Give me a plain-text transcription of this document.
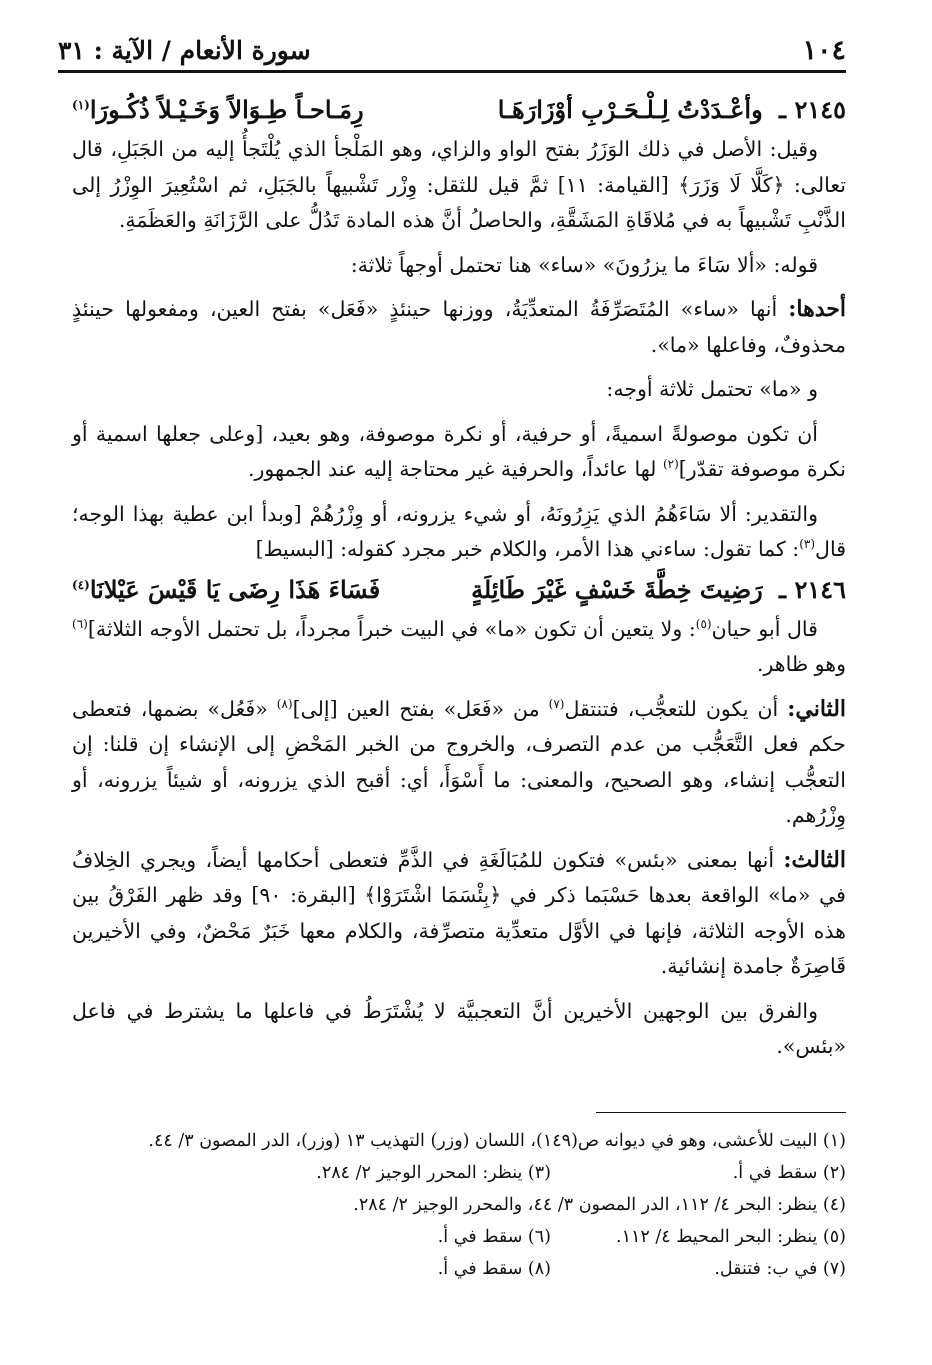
١٠٤
سورة الأنعام / الآية : ٣١
٢١٤٥ ـ وأعْـدَدْتُ لِـلْـحَـرْبِ أوْزَارَهَـا
رِمَـاحـاً طِـوَالاً وَخَـيْـلاً ذُكُـورَا$^{(١)}$

وقيل: الأصل في ذلك الوَزَرُ بفتح الواو والزاي، وهو المَلْجأ الذي يُلْتَجأُ إليه من الجَبَلِ، قال تعالى: ﴿كَلَّا لَا وَزَرَ﴾ [القيامة: ١١] ثمَّ قيل للثقل: وِزْر تَشْبيهاً بالجَبَلِ، ثم اسْتُعِيرَ الوِزْرُ إلى الذَّنْبِ تَشْبيهاً به في مُلاقَاةِ المَشَقَّةِ، والحاصلُ أنَّ هذه المادة تَدُلُّ على الرَّزَانَةِ والعَظَمَةِ.

قوله: «ألا سَاءَ ما يزرُونَ» «ساء» هنا تحتمل أوجهاً ثلاثة:

أحدها: أنها «ساء» المُتَصَرِّفَةُ المتعدِّيَةُ، ووزنها حينئذٍ «فَعَل» بفتح العين، ومفعولها حينئذٍ محذوفٌ، وفاعلها «ما».

و «ما» تحتمل ثلاثة أوجه:

أن تكون موصولةً اسميةً، أو حرفية، أو نكرة موصوفة، وهو بعيد، [وعلى جعلها اسمية أو نكرة موصوفة تقدّر]$^{(٢)}$ لها عائداً، والحرفية غير محتاجة إليه عند الجمهور.

والتقدير: ألا سَاءَهُمُ الذي يَزِرُونَهُ، أو شيء يزرونه، أو وِزْرُهُمْ [وبدأ ابن عطية بهذا الوجه؛ قال$^{(٣)}$: كما تقول: ساءني هذا الأمر، والكلام خبر مجرد كقوله: [البسيط]

٢١٤٦ ـ رَضِيتَ خِطَّةَ خَسْفٍ غَيْرَ طَائِلَةٍ
فَسَاءَ هَذَا رِضَى يَا قَيْسَ عَيْلانَا$^{(٤)}$

قال أبو حيان$^{(٥)}$: ولا يتعين أن تكون «ما» في البيت خبراً مجرداً، بل تحتمل الأوجه الثلاثة]$^{(٦)}$ وهو ظاهر.

الثاني: أن يكون للتعجُّب، فتنتقل$^{(٧)}$ من «فَعَل» بفتح العين [إلى]$^{(٨)}$ «فَعُل» بضمها، فتعطى حكم فعل التَّعَجُّب من عدم التصرف، والخروج من الخبر المَحْضِ إلى الإنشاء إن قلنا: إن التعجُّب إنشاء، وهو الصحيح، والمعنى: ما أَسْوَأَ، أي: أقبح الذي يزرونه، أو شيئاً يزرونه، أو وِزْرُهم.

الثالث: أنها بمعنى «بئس» فتكون للمُبَالَغَةِ في الذَّمِّ فتعطى أحكامها أيضاً، ويجري الخِلافُ في «ما» الواقعة بعدها حَسْبَما ذكر في ﴿بِئْسَمَا اشْتَرَوْا﴾ [البقرة: ٩٠] وقد ظهر الفَرْقُ بين هذه الأوجه الثلاثة، فإنها في الأوَّل متعدِّية متصرِّفة، والكلام معها خَبَرٌ مَحْضٌ، وفي الأخيرين قَاصِرَةٌ جامدة إنشائية.

والفرق بين الوجهين الأخيرين أنَّ التعجبيَّة لا يُشْتَرَطُ في فاعلها ما يشترط في فاعل «بئس».

(١) البيت للأعشى، وهو في ديوانه ص(١٤٩)، اللسان (وزر) التهذيب ١٣ (وزر)، الدر المصون ٣/ ٤٤.
(٢) سقط في أ.
(٣) ينظر: المحرر الوجيز ٢/ ٢٨٤.
(٤) ينظر: البحر ٤/ ١١٢، الدر المصون ٣/ ٤٤، والمحرر الوجيز ٢/ ٢٨٤.
(٥) ينظر: البحر المحيط ٤/ ١١٢.
(٦) سقط في أ.
(٧) في ب: فتنقل.
(٨) سقط في أ.
